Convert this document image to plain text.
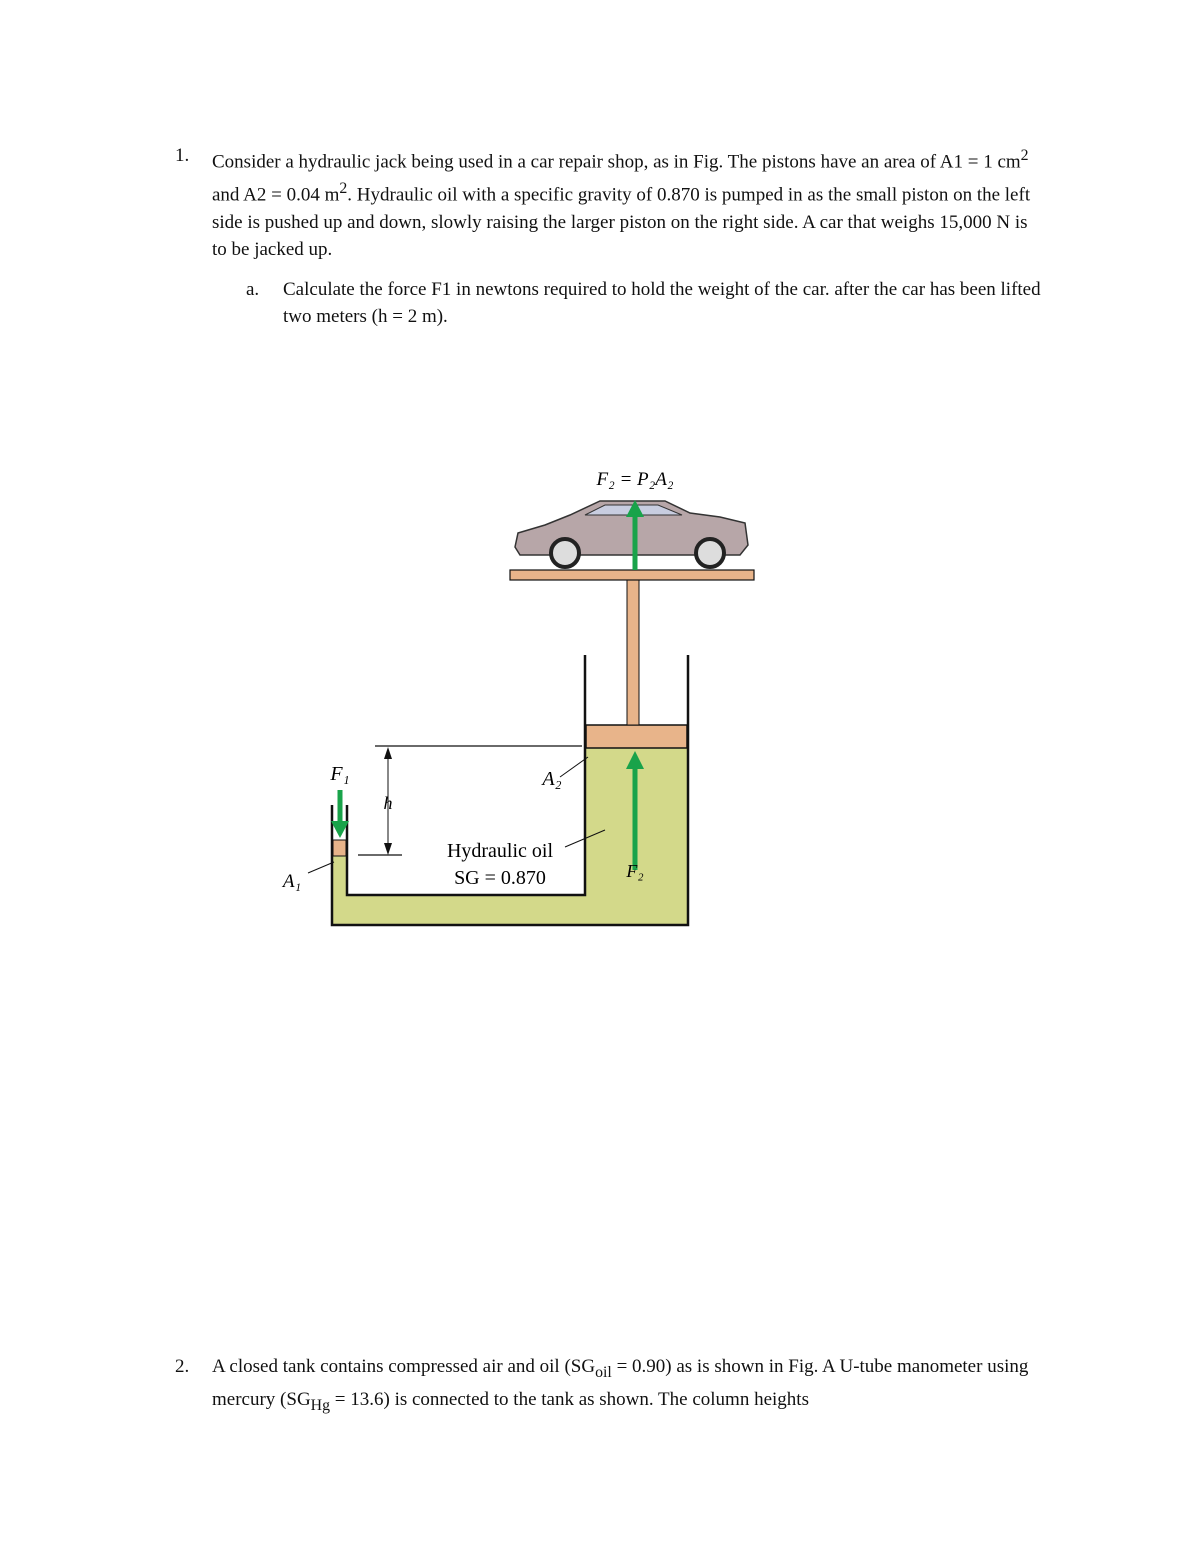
1. Consider a hydraulic jack being used in a car repair shop, as in Fig. The pistons have an area of A1 = 1 $cm^2$ and A2 = 0.04 $m^2$. Hydraulic oil with a specific gravity of 0.870 is pumped in as the small piston on the left side is pushed up and down, slowly raising the larger piston on the right side. A car that weighs 15,000 N is to be jacked up.
a. Calculate the force F1 in newtons required to hold the weight of the car. after the car has been lifted two meters (h = 2 m).
F₂ = P₂A₂
F₁
h
A₂
A₁	F₂
Hydraulic oil
SG = 0.870
2. A closed tank contains compressed air and oil $(SG_{oil} = 0.90)$ as is shown in Fig. A U-tube manometer using mercury $(SG_{Hg} = 13.6)$ is connected to the tank as shown. The column heights
